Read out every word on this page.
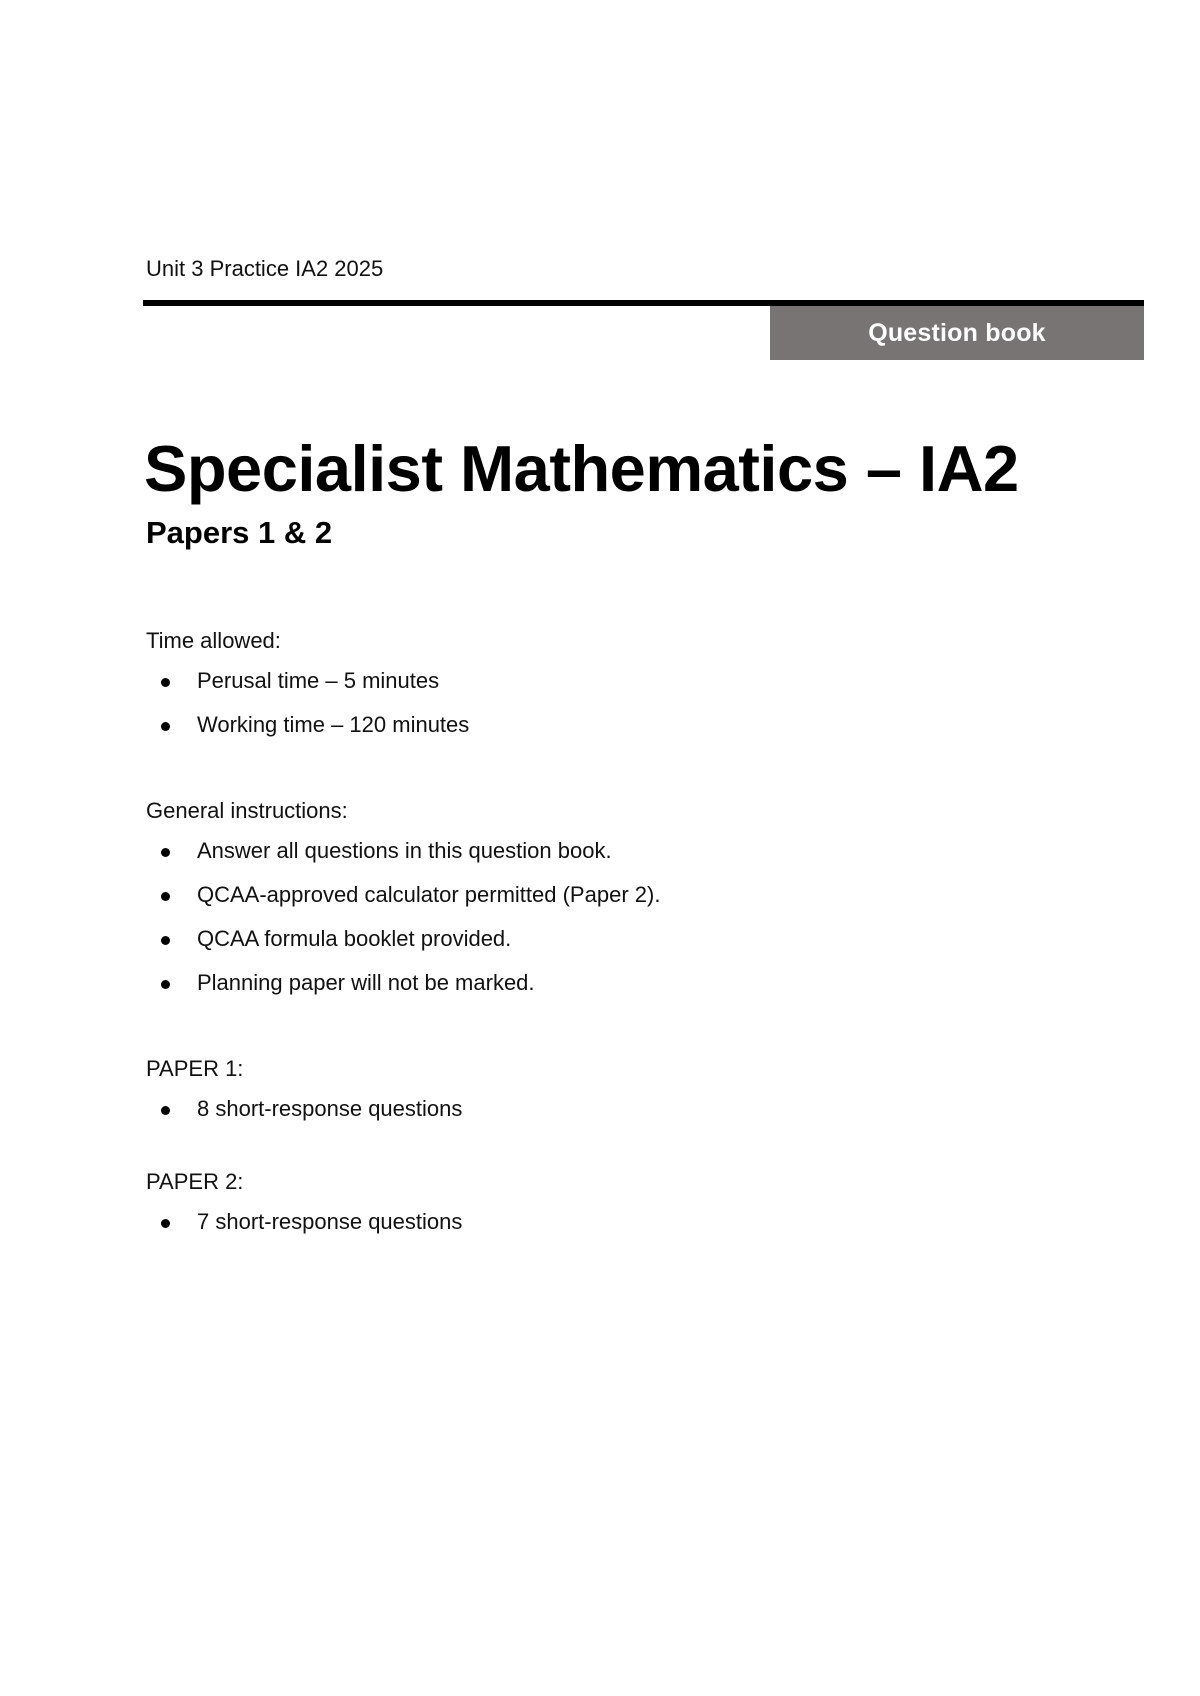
Unit 3 Practice IA2 2025
Question book
Specialist Mathematics – IA2
Papers 1 & 2

Time allowed:

Perusal time – 5 minutes
Working time – 120 minutes

General instructions:

Answer all questions in this question book.
QCAA-approved calculator permitted (Paper 2).
QCAA formula booklet provided.
Planning paper will not be marked.

PAPER 1:

8 short-response questions

PAPER 2:

7 short-response questions
